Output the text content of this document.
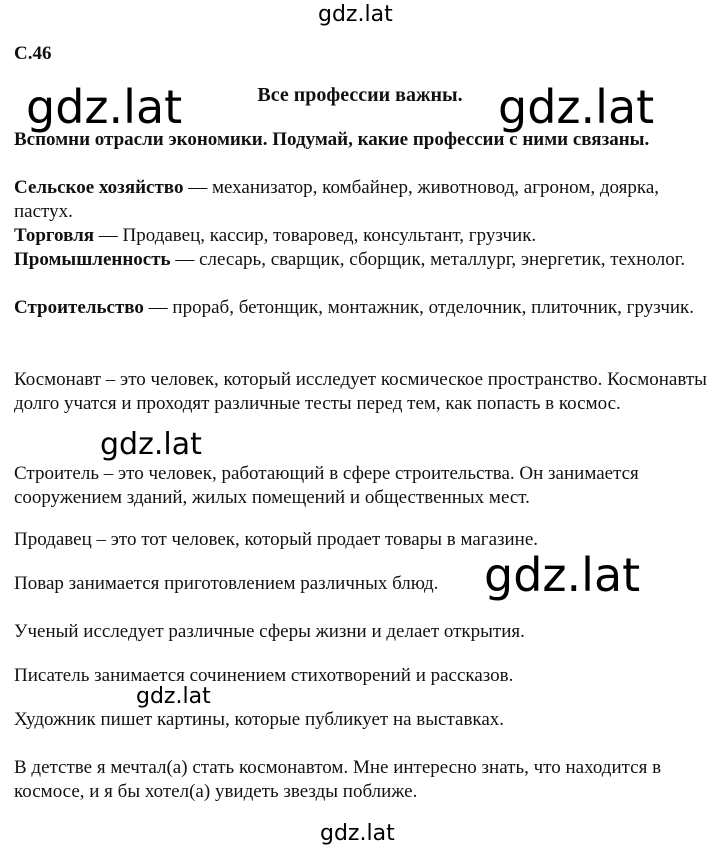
gdz.lat
gdz.lat	gdz.lat
gdz.lat
gdz.lat
gdz.lat
gdz.lat
С.46
Все профессии важны.
Вспомни отрасли экономики. Подумай, какие профессии с ними связаны.
Сельское хозяйство — механизатор, комбайнер, животновод, агроном, доярка, пастух.
Торговля — Продавец, кассир, товаровед, консультант, грузчик.
Промышленность — слесарь, сварщик, сборщик, металлург, энергетик, технолог.
Строительство — прораб, бетонщик, монтажник, отделочник, плиточник, грузчик.
Космонавт – это человек, который исследует космическое пространство. Космонавты долго учатся и проходят различные тесты перед тем, как попасть в космос.
Строитель – это человек, работающий в сфере строительства. Он занимается сооружением зданий, жилых помещений и общественных мест.
Продавец – это тот человек, который продает товары в магазине.
Повар занимается приготовлением различных блюд.
Ученый исследует различные сферы жизни и делает открытия.
Писатель занимается сочинением стихотворений и рассказов.
Художник пишет картины, которые публикует на выставках.
В детстве я мечтал(а) стать космонавтом. Мне интересно знать, что находится в космосе, и я бы хотел(а) увидеть звезды поближе.
